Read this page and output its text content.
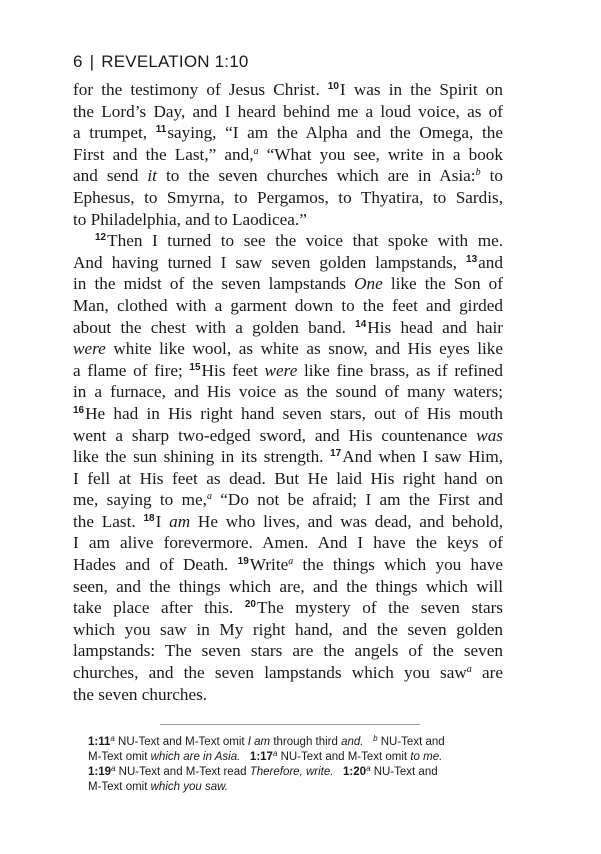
6 | REVELATION 1:10
for the testimony of Jesus Christ. $^{10}$I was in the Spirit on
the Lord’s Day, and I heard behind me a loud voice, as of
a trumpet, $^{11}$saying, “I am the Alpha and the Omega, the
First and the Last,” and,$^a$ “What you see, write in a book
and send it to the seven churches which are in Asia:$^b$ to
Ephesus, to Smyrna, to Pergamos, to Thyatira, to Sardis,
to Philadelphia, and to Laodicea.”
$^{12}$Then I turned to see the voice that spoke with me.
And having turned I saw seven golden lampstands, $^{13}$and
in the midst of the seven lampstands One like the Son of
Man, clothed with a garment down to the feet and girded
about the chest with a golden band. $^{14}$His head and hair
were white like wool, as white as snow, and His eyes like
a flame of fire; $^{15}$His feet were like fine brass, as if refined
in a furnace, and His voice as the sound of many waters;
$^{16}$He had in His right hand seven stars, out of His mouth
went a sharp two-edged sword, and His countenance was
like the sun shining in its strength. $^{17}$And when I saw Him,
I fell at His feet as dead. But He laid His right hand on
me, saying to me,$^a$ “Do not be afraid; I am the First and
the Last. $^{18}$I am He who lives, and was dead, and behold,
I am alive forevermore. Amen. And I have the keys of
Hades and of Death. $^{19}$Write$^a$ the things which you have
seen, and the things which are, and the things which will
take place after this. $^{20}$The mystery of the seven stars
which you saw in My right hand, and the seven golden
lampstands: The seven stars are the angels of the seven
churches, and the seven lampstands which you saw$^a$ are
the seven churches.
1:11$^a$ NU-Text and M-Text omit I am through third and. $^b$ NU-Text and
M-Text omit which are in Asia. 1:17$^a$ NU-Text and M-Text omit to me.
1:19$^a$ NU-Text and M-Text read Therefore, write. 1:20$^a$ NU-Text and
M-Text omit which you saw.
